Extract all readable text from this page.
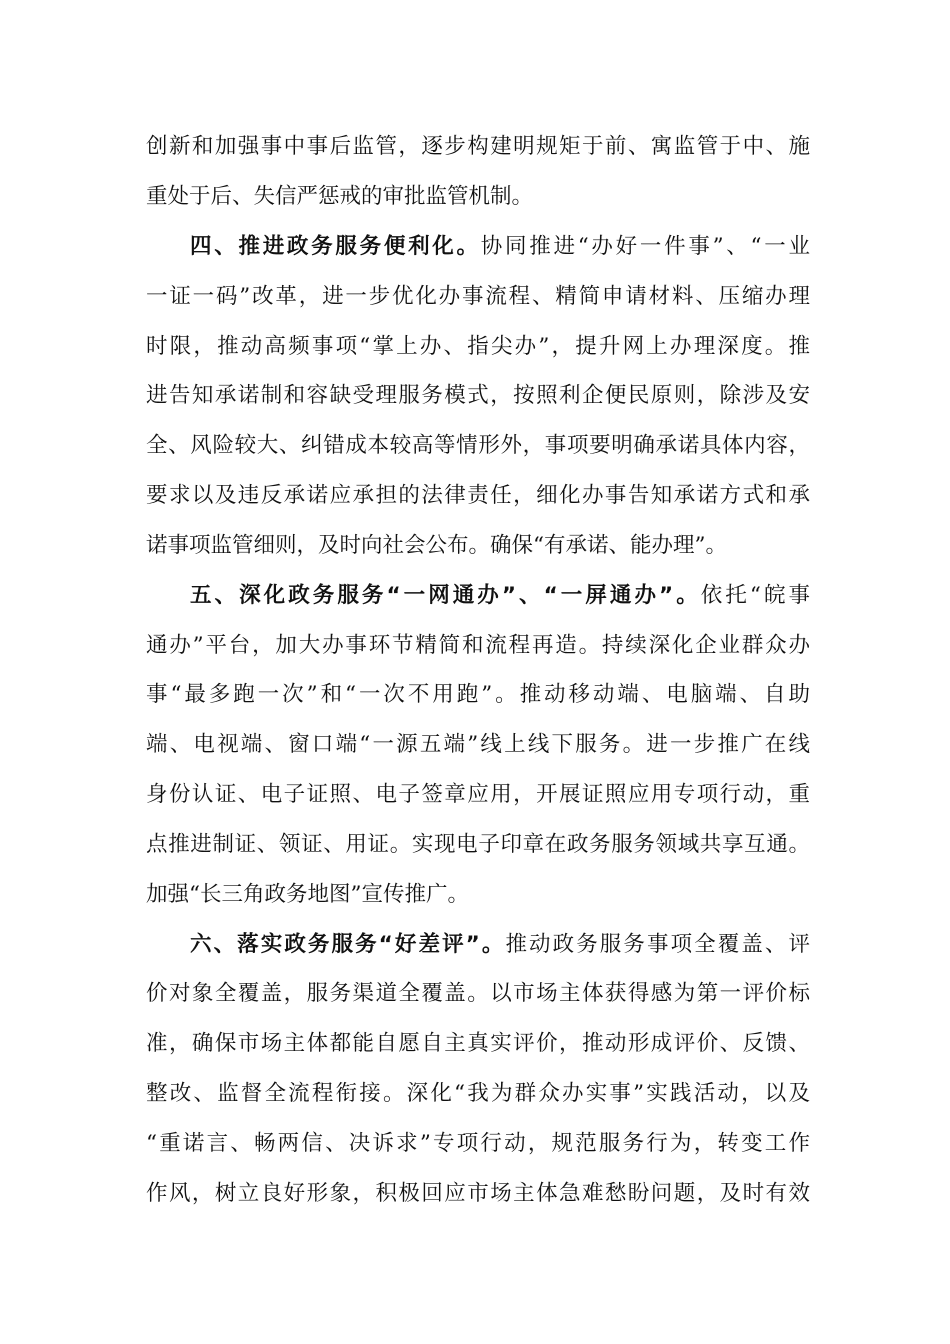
创新和加强事中事后监管，逐步构建明规矩于前、寓监管于中、施
重处于后、失信严惩戒的审批监管机制。
四、推进政务服务便利化。协同推进“办好一件事”、“一业
一证一码”改革，进一步优化办事流程、精简申请材料、压缩办理
时限，推动高频事项“掌上办、指尖办”，提升网上办理深度。推
进告知承诺制和容缺受理服务模式，按照利企便民原则，除涉及安
全、风险较大、纠错成本较高等情形外，事项要明确承诺具体内容，
要求以及违反承诺应承担的法律责任，细化办事告知承诺方式和承
诺事项监管细则，及时向社会公布。确保“有承诺、能办理”。
五、深化政务服务“一网通办”、“一屏通办”。依托“皖事
通办”平台，加大办事环节精简和流程再造。持续深化企业群众办
事“最多跑一次”和“一次不用跑”。推动移动端、电脑端、自助
端、电视端、窗口端“一源五端”线上线下服务。进一步推广在线
身份认证、电子证照、电子签章应用，开展证照应用专项行动，重
点推进制证、领证、用证。实现电子印章在政务服务领域共享互通。
加强“长三角政务地图”宣传推广。
六、落实政务服务“好差评”。推动政务服务事项全覆盖、评
价对象全覆盖，服务渠道全覆盖。以市场主体获得感为第一评价标
准，确保市场主体都能自愿自主真实评价，推动形成评价、反馈、
整改、监督全流程衔接。深化“我为群众办实事”实践活动，以及
“重诺言、畅两信、决诉求”专项行动，规范服务行为，转变工作
作风，树立良好形象，积极回应市场主体急难愁盼问题，及时有效
